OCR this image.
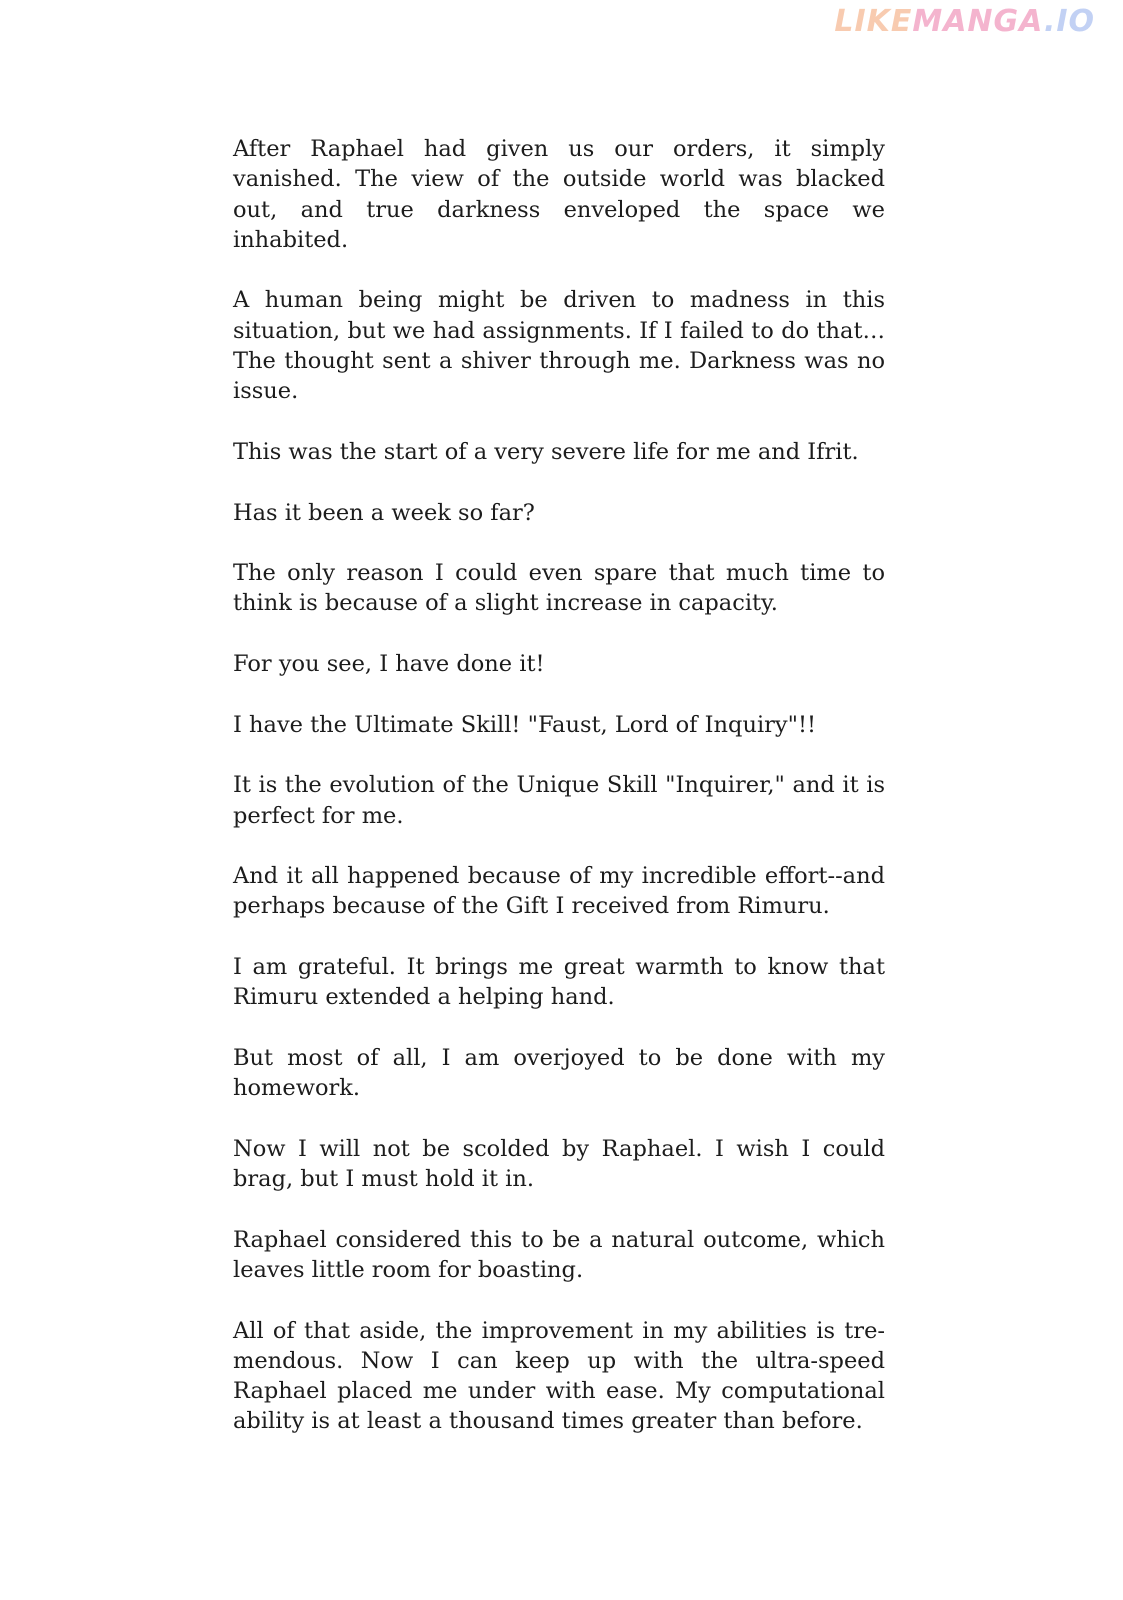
LIKEMANGA.IO

After Raphael had given us our orders, it simply vanished. The view of the outside world was blacked out, and true darkness enveloped the space we inhabited.

A human being might be driven to madness in this situation, but we had assignments. If I failed to do that… The thought sent a shiver through me. Darkness was no issue.

This was the start of a very severe life for me and Ifrit.

Has it been a week so far?

The only reason I could even spare that much time to think is because of a slight increase in capacity.

For you see, I have done it!

I have the Ultimate Skill! "Faust, Lord of Inquiry"!!

It is the evolution of the Unique Skill "Inquirer," and it is perfect for me.

And it all happened because of my incredible effort--and perhaps because of the Gift I received from Rimuru.

I am grateful. It brings me great warmth to know that Rimuru extended a helping hand.

But most of all, I am overjoyed to be done with my homework.

Now I will not be scolded by Raphael. I wish I could brag, but I must hold it in.

Raphael considered this to be a natural outcome, which leaves little room for boasting.

All of that aside, the improvement in my abilities is tremendous. Now I can keep up with the ultra-speed Raphael placed me under with ease. My computational ability is at least a thousand times greater than before.
